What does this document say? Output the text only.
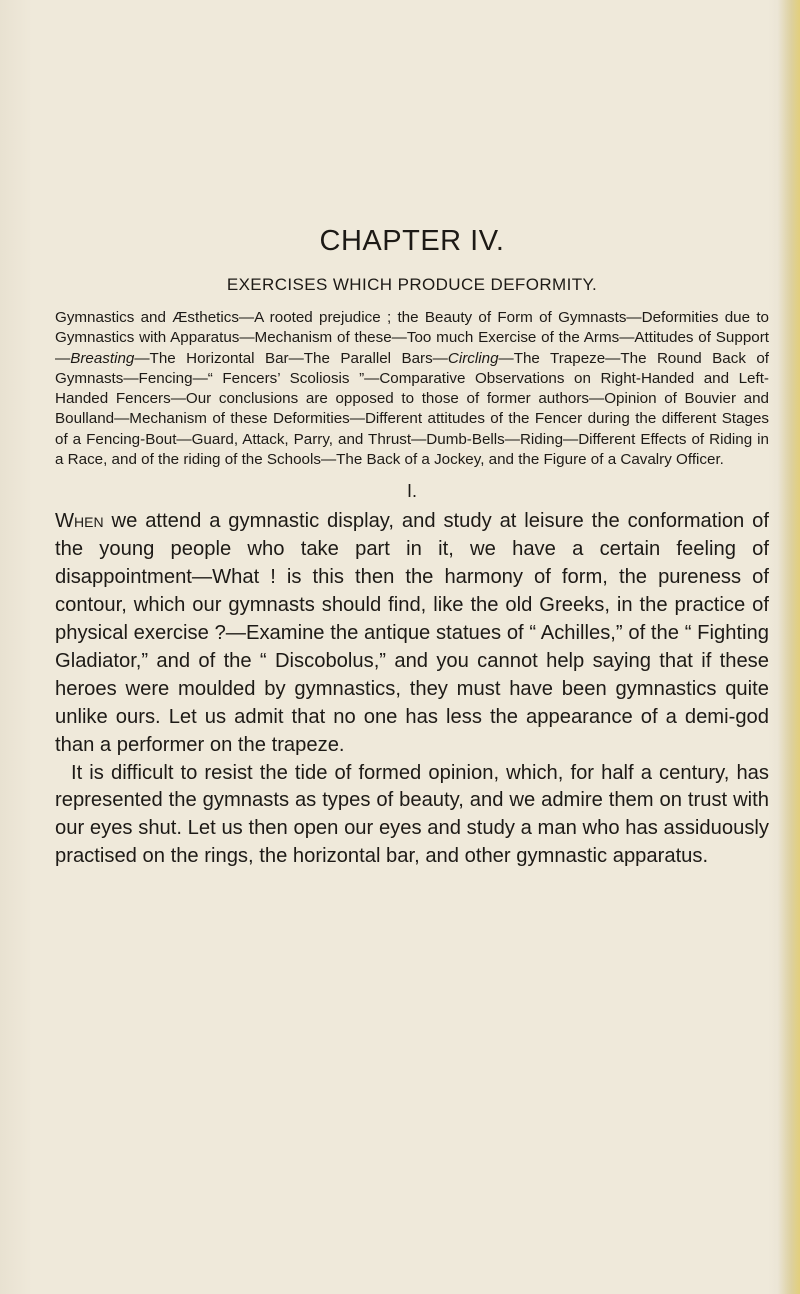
CHAPTER IV.
EXERCISES WHICH PRODUCE DEFORMITY.

Gymnastics and Æsthetics—A rooted prejudice ; the Beauty of Form of Gymnasts—Deformities due to Gymnastics with Apparatus—Mechanism of these—Too much Exercise of the Arms—Attitudes of Support—Breasting—The Horizontal Bar—The Parallel Bars—Circling—The Trapeze—The Round Back of Gymnasts—Fencing—“ Fencers’ Scoliosis ”—Comparative Observations on Right-Handed and Left-Handed Fencers—Our conclusions are opposed to those of former authors—Opinion of Bouvier and Boulland—Mechanism of these Deformities—Different attitudes of the Fencer during the different Stages of a Fencing-Bout—Guard, Attack, Parry, and Thrust—Dumb-Bells—Riding—Different Effects of Riding in a Race, and of the riding of the Schools—The Back of a Jockey, and the Figure of a Cavalry Officer.

I.

When we attend a gymnastic display, and study at leisure the conformation of the young people who take part in it, we have a certain feeling of disappointment—What ! is this then the harmony of form, the pureness of contour, which our gymnasts should find, like the old Greeks, in the practice of physical exercise ?—Examine the antique statues of “ Achilles,” of the “ Fighting Gladiator,” and of the “ Discobolus,” and you cannot help saying that if these heroes were moulded by gymnastics, they must have been gymnastics quite unlike ours. Let us admit that no one has less the appearance of a demi-god than a performer on the trapeze.

It is difficult to resist the tide of formed opinion, which, for half a century, has represented the gymnasts as types of beauty, and we admire them on trust with our eyes shut. Let us then open our eyes and study a man who has assiduously practised on the rings, the horizontal bar, and other gymnastic apparatus.
